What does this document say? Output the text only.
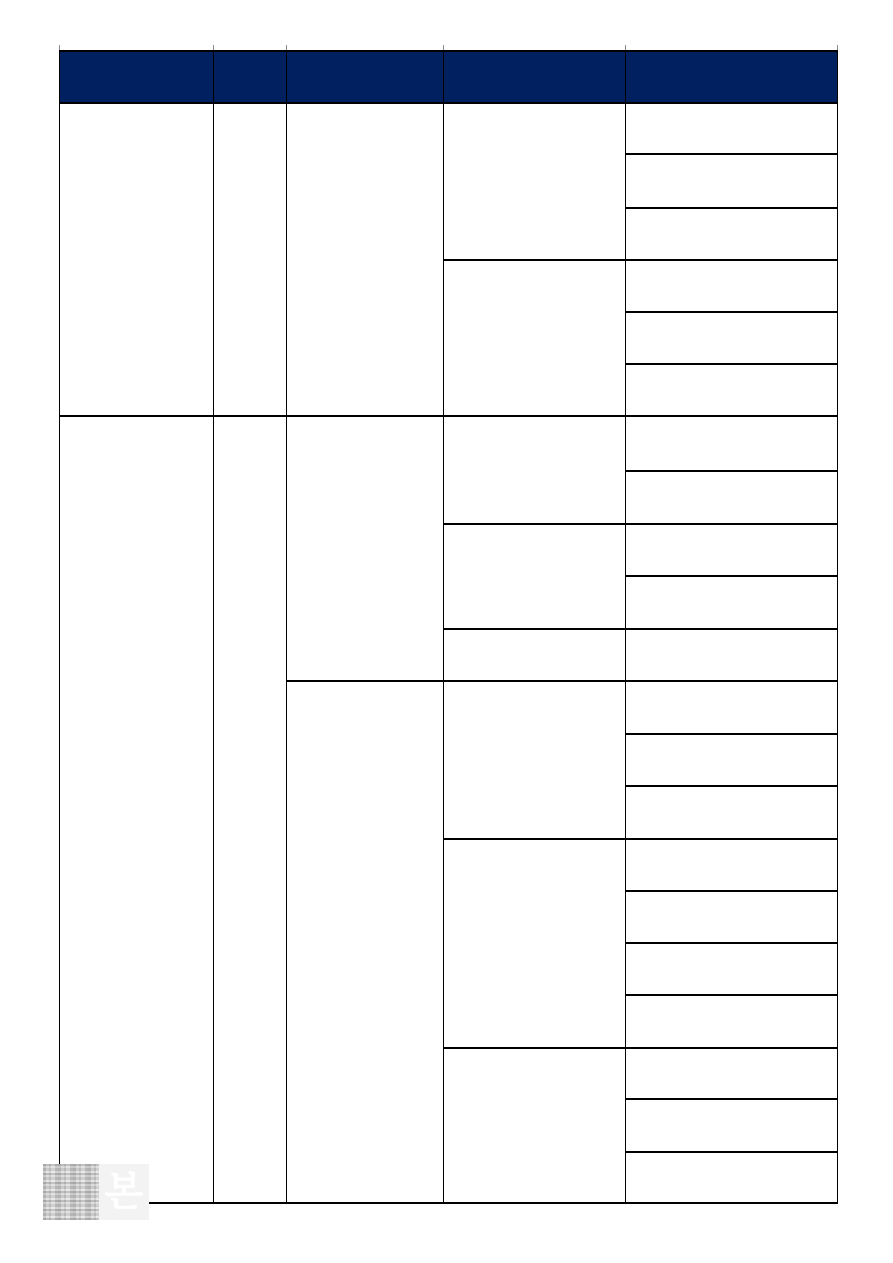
본
